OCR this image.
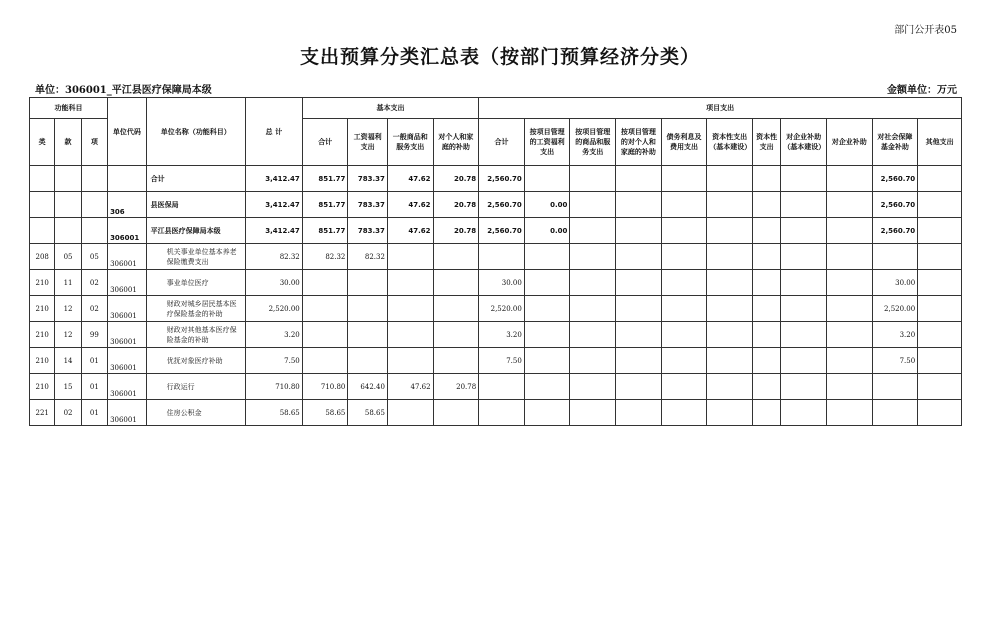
部门公开表05
支出预算分类汇总表（按部门预算经济分类）
单位：306001_平江县医疗保障局本级	金额单位：万元
功能科目			单位代码	单位名称（功能科目）	总 计	基本支出				项目支出										
类	款	项				合计	工资福利支出	一般商品和服务支出	对个人和家庭的补助	合计	按项目管理的工资福利支出	按项目管理的商品和服务支出	按项目管理的对个人和家庭的补助	债务利息及费用支出	资本性支出（基本建设）	资本性支出	对企业补助（基本建设）	对企业补助	对社会保障基金补助	其他支出
				合计	3,412.47	851.77	783.37	47.62	20.78	2,560.70									2,560.70	
			306	县医保局	3,412.47	851.77	783.37	47.62	20.78	2,560.70	0.00								2,560.70	
			306001	平江县医疗保障局本级	3,412.47	851.77	783.37	47.62	20.78	2,560.70	0.00								2,560.70	
208	05	05	306001	机关事业单位基本养老保险缴费支出	82.32	82.32	82.32													
210	11	02	306001	事业单位医疗	30.00					30.00									30.00	
210	12	02	306001	财政对城乡居民基本医疗保险基金的补助	2,520.00					2,520.00									2,520.00	
210	12	99	306001	财政对其他基本医疗保险基金的补助	3.20					3.20									3.20	
210	14	01	306001	优抚对象医疗补助	7.50					7.50									7.50	
210	15	01	306001	行政运行	710.80	710.80	642.40	47.62	20.78											
221	02	01	306001	住房公积金	58.65	58.65	58.65													
